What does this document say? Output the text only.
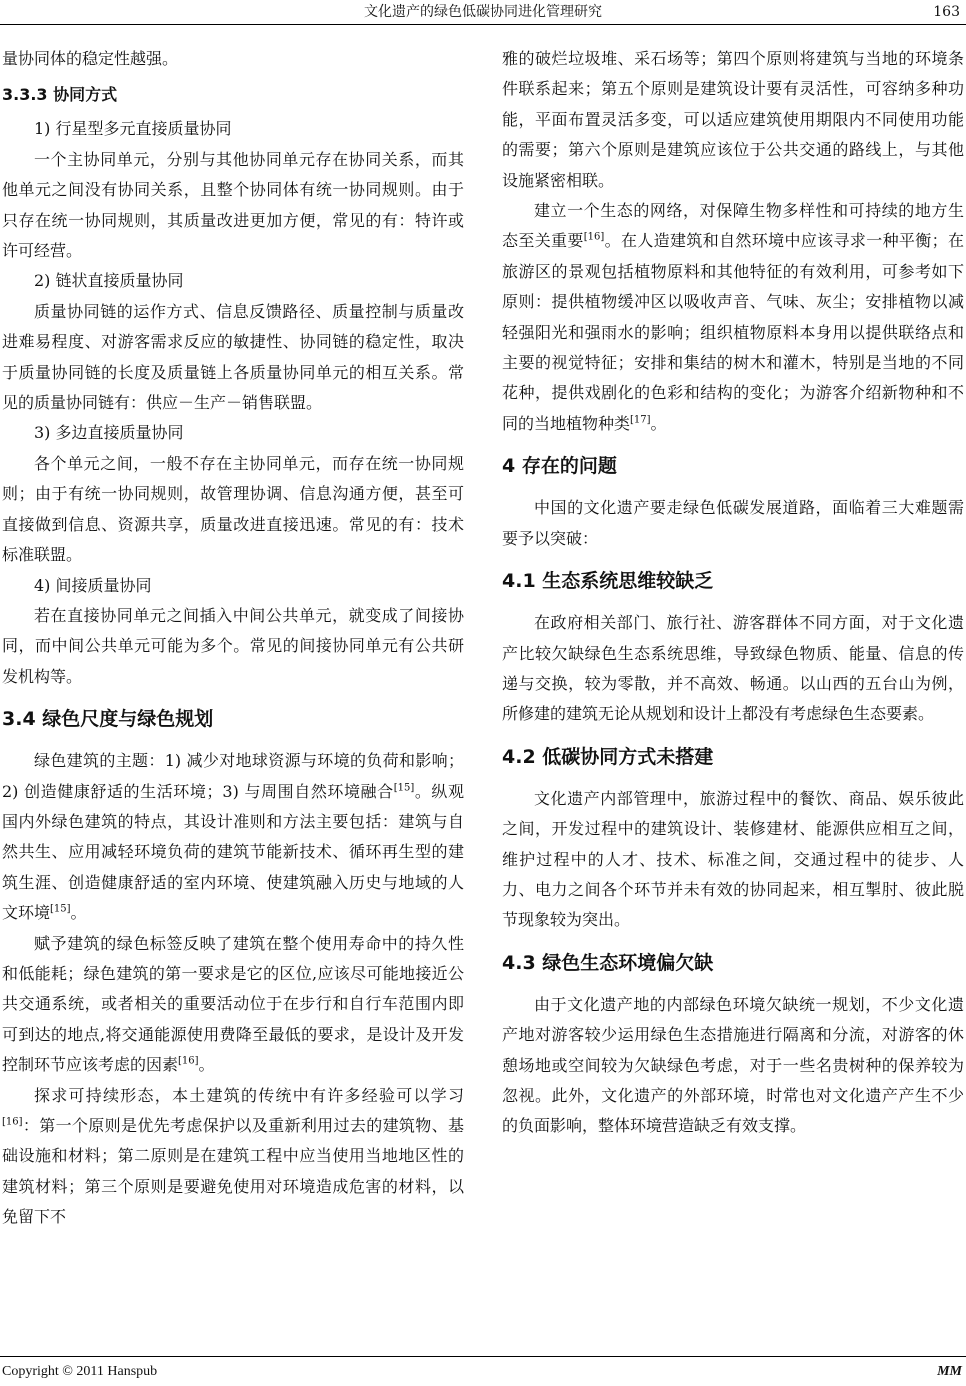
文化遗产的绿色低碳协同进化管理研究	163

量协同体的稳定性越强。

3.3.3 协同方式

1) 行星型多元直接质量协同

一个主协同单元，分别与其他协同单元存在协同关系，而其他单元之间没有协同关系，且整个协同体有统一协同规则。由于只存在统一协同规则，其质量改进更加方便，常见的有：特许或许可经营。

2) 链状直接质量协同

质量协同链的运作方式、信息反馈路径、质量控制与质量改进难易程度、对游客需求反应的敏捷性、协同链的稳定性，取决于质量协同链的长度及质量链上各质量协同单元的相互关系。常见的质量协同链有：供应－生产－销售联盟。

3) 多边直接质量协同

各个单元之间，一般不存在主协同单元，而存在统一协同规则；由于有统一协同规则，故管理协调、信息沟通方便，甚至可直接做到信息、资源共享，质量改进直接迅速。常见的有：技术标准联盟。

4) 间接质量协同

若在直接协同单元之间插入中间公共单元，就变成了间接协同，而中间公共单元可能为多个。常见的间接协同单元有公共研发机构等。

3.4 绿色尺度与绿色规划

绿色建筑的主题：1) 减少对地球资源与环境的负荷和影响；2) 创造健康舒适的生活环境；3) 与周围自然环境融合[15]。纵观国内外绿色建筑的特点，其设计准则和方法主要包括：建筑与自然共生、应用减轻环境负荷的建筑节能新技术、循环再生型的建筑生涯、创造健康舒适的室内环境、使建筑融入历史与地域的人文环境[15]。

赋予建筑的绿色标签反映了建筑在整个使用寿命中的持久性和低能耗；绿色建筑的第一要求是它的区位,应该尽可能地接近公共交通系统，或者相关的重要活动位于在步行和自行车范围内即可到达的地点,将交通能源使用费降至最低的要求，是设计及开发控制环节应该考虑的因素[16]。

探求可持续形态，本土建筑的传统中有许多经验可以学习[16]：第一个原则是优先考虑保护以及重新利用过去的建筑物、基础设施和材料；第二原则是在建筑工程中应当使用当地地区性的建筑材料；第三个原则是要避免使用对环境造成危害的材料，以免留下不

雅的破烂垃圾堆、采石场等；第四个原则将建筑与当地的环境条件联系起来；第五个原则是建筑设计要有灵活性，可容纳多种功能，平面布置灵活多变，可以适应建筑使用期限内不同使用功能的需要；第六个原则是建筑应该位于公共交通的路线上，与其他设施紧密相联。

建立一个生态的网络，对保障生物多样性和可持续的地方生态至关重要[16]。在人造建筑和自然环境中应该寻求一种平衡；在旅游区的景观包括植物原料和其他特征的有效利用，可参考如下原则：提供植物缓冲区以吸收声音、气味、灰尘；安排植物以减轻强阳光和强雨水的影响；组织植物原料本身用以提供联络点和主要的视觉特征；安排和集结的树木和灌木，特别是当地的不同花种，提供戏剧化的色彩和结构的变化；为游客介绍新物种和不同的当地植物种类[17]。

4 存在的问题

中国的文化遗产要走绿色低碳发展道路，面临着三大难题需要予以突破：

4.1 生态系统思维较缺乏

在政府相关部门、旅行社、游客群体不同方面，对于文化遗产比较欠缺绿色生态系统思维，导致绿色物质、能量、信息的传递与交换，较为零散，并不高效、畅通。以山西的五台山为例，所修建的建筑无论从规划和设计上都没有考虑绿色生态要素。

4.2 低碳协同方式未搭建

文化遗产内部管理中，旅游过程中的餐饮、商品、娱乐彼此之间，开发过程中的建筑设计、装修建材、能源供应相互之间，维护过程中的人才、技术、标准之间，交通过程中的徒步、人力、电力之间各个环节并未有效的协同起来，相互掣肘、彼此脱节现象较为突出。

4.3 绿色生态环境偏欠缺

由于文化遗产地的内部绿色环境欠缺统一规划，不少文化遗产地对游客较少运用绿色生态措施进行隔离和分流，对游客的休憩场地或空间较为欠缺绿色考虑，对于一些名贵树种的保养较为忽视。此外，文化遗产的外部环境，时常也对文化遗产产生不少的负面影响，整体环境营造缺乏有效支撑。

Copyright © 2011 Hanspub	MM
